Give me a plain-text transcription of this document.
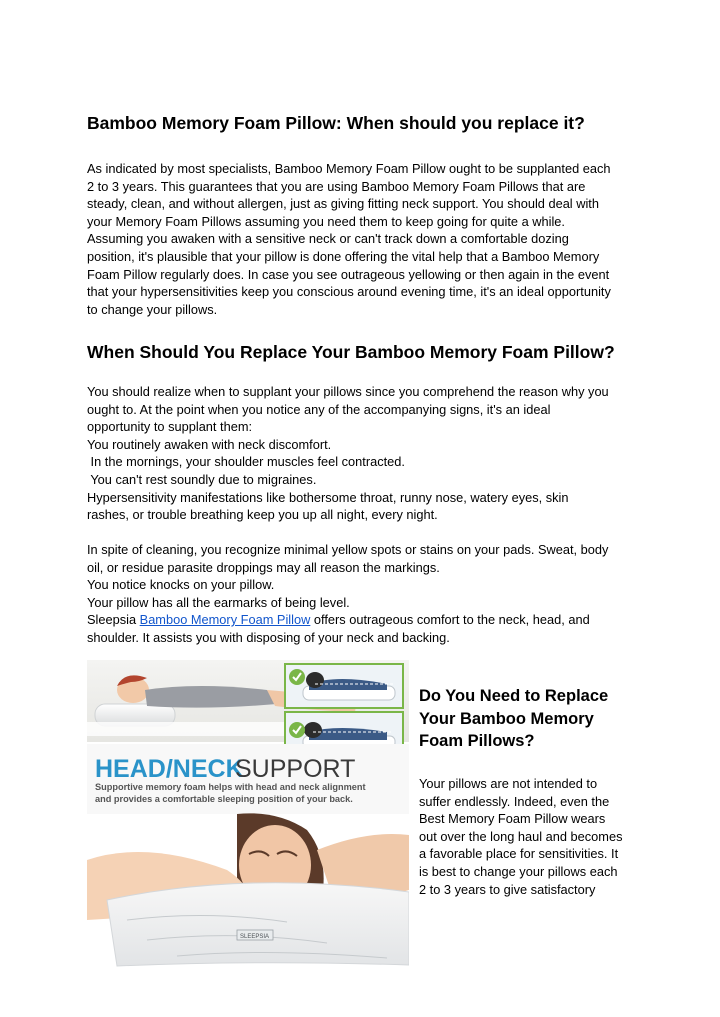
Bamboo Memory Foam Pillow: When should you replace it?
As indicated by most specialists, Bamboo Memory Foam Pillow ought to be supplanted each
2 to 3 years. This guarantees that you are using Bamboo Memory Foam Pillows that are
steady, clean, and without allergen, just as giving fitting neck support. You should deal with
your Memory Foam Pillows assuming you need them to keep going for quite a while.
Assuming you awaken with a sensitive neck or can't track down a comfortable dozing
position, it's plausible that your pillow is done offering the vital help that a Bamboo Memory
Foam Pillow regularly does. In case you see outrageous yellowing or then again in the event
that your hypersensitivities keep you conscious around evening time, it's an ideal opportunity
to change your pillows.
When Should You Replace Your Bamboo Memory Foam Pillow?
You should realize when to supplant your pillows since you comprehend the reason why you
ought to. At the point when you notice any of the accompanying signs, it's an ideal
opportunity to supplant them:
You routinely awaken with neck discomfort.
In the mornings, your shoulder muscles feel contracted.
You can't rest soundly due to migraines.
Hypersensitivity manifestations like bothersome throat, runny nose, watery eyes, skin
rashes, or trouble breathing keep you up all night, every night.
In spite of cleaning, you recognize minimal yellow spots or stains on your pads. Sweat, body
oil, or residue parasite droppings may all reason the markings.
You notice knocks on your pillow.
Your pillow has all the earmarks of being level.
Sleepsia Bamboo Memory Foam Pillow offers outrageous comfort to the neck, head, and
shoulder. It assists you with disposing of your neck and backing.
HEAD/NECK
SUPPORT
Supportive memory foam helps with head and neck alignment
and provides a comfortable sleeping position of your back.
SLEEPSIA
Do You Need to Replace
Your Bamboo Memory
Foam Pillows?
Your pillows are not intended to
suffer endlessly. Indeed, even the
Best Memory Foam Pillow wears
out over the long haul and becomes
a favorable place for sensitivities. It
is best to change your pillows each
2 to 3 years to give satisfactory
